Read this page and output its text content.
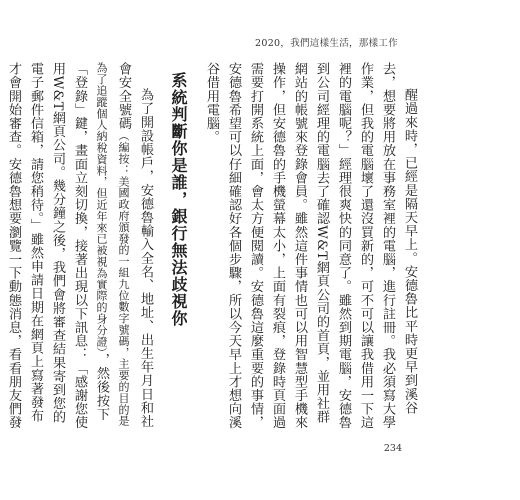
2020，我們這樣生活，那樣工作

醒過來時，已經是隔天早上。安德魯比平時更早到溪谷去，想要將用放在事務室裡的電腦，進行註冊。我必須寫大學作業，但我的電腦壞了還沒買新的，可不可以讓我借用一下這裡的電腦呢？」經理很爽快的同意了。雖然到期電腦，安德魯到公司經理的電腦去了確認W&T網頁公司的首頁，並用社群網站的帳號來登錄會員。雖然這件事情也可以用智慧型手機來操作，但安德魯的手機螢幕太小，上面有裂痕，登錄時頁面過需要打開系統上面，會太方便閱讀。安德魯這麼重要的事情，安德魯希望可以仔細確認好各個步驟，所以今天早上才想向溪谷借用電腦。

系統判斷你是誰，銀行無法歧視你

為了開設帳戶，安德魯輸入全名、地址、出生年月日和社會安全號碼（編按：美國政府頒發的一組九位數字號碼，主要的目的是為了追蹤個人納稅資料，但近年來已被視為實際的身分證），然後按下「登錄」鍵，畫面立刻切換，接著出現以下訊息：「感謝您使用W&T網頁公司。幾分鐘之後，我們會將審查結果寄到您的電子郵件信箱，請您稍待。」雖然申請日期在網頁上寫著發布才會開始審查。安德魯想要瀏覽一下動態消息，看看朋友們發

234
